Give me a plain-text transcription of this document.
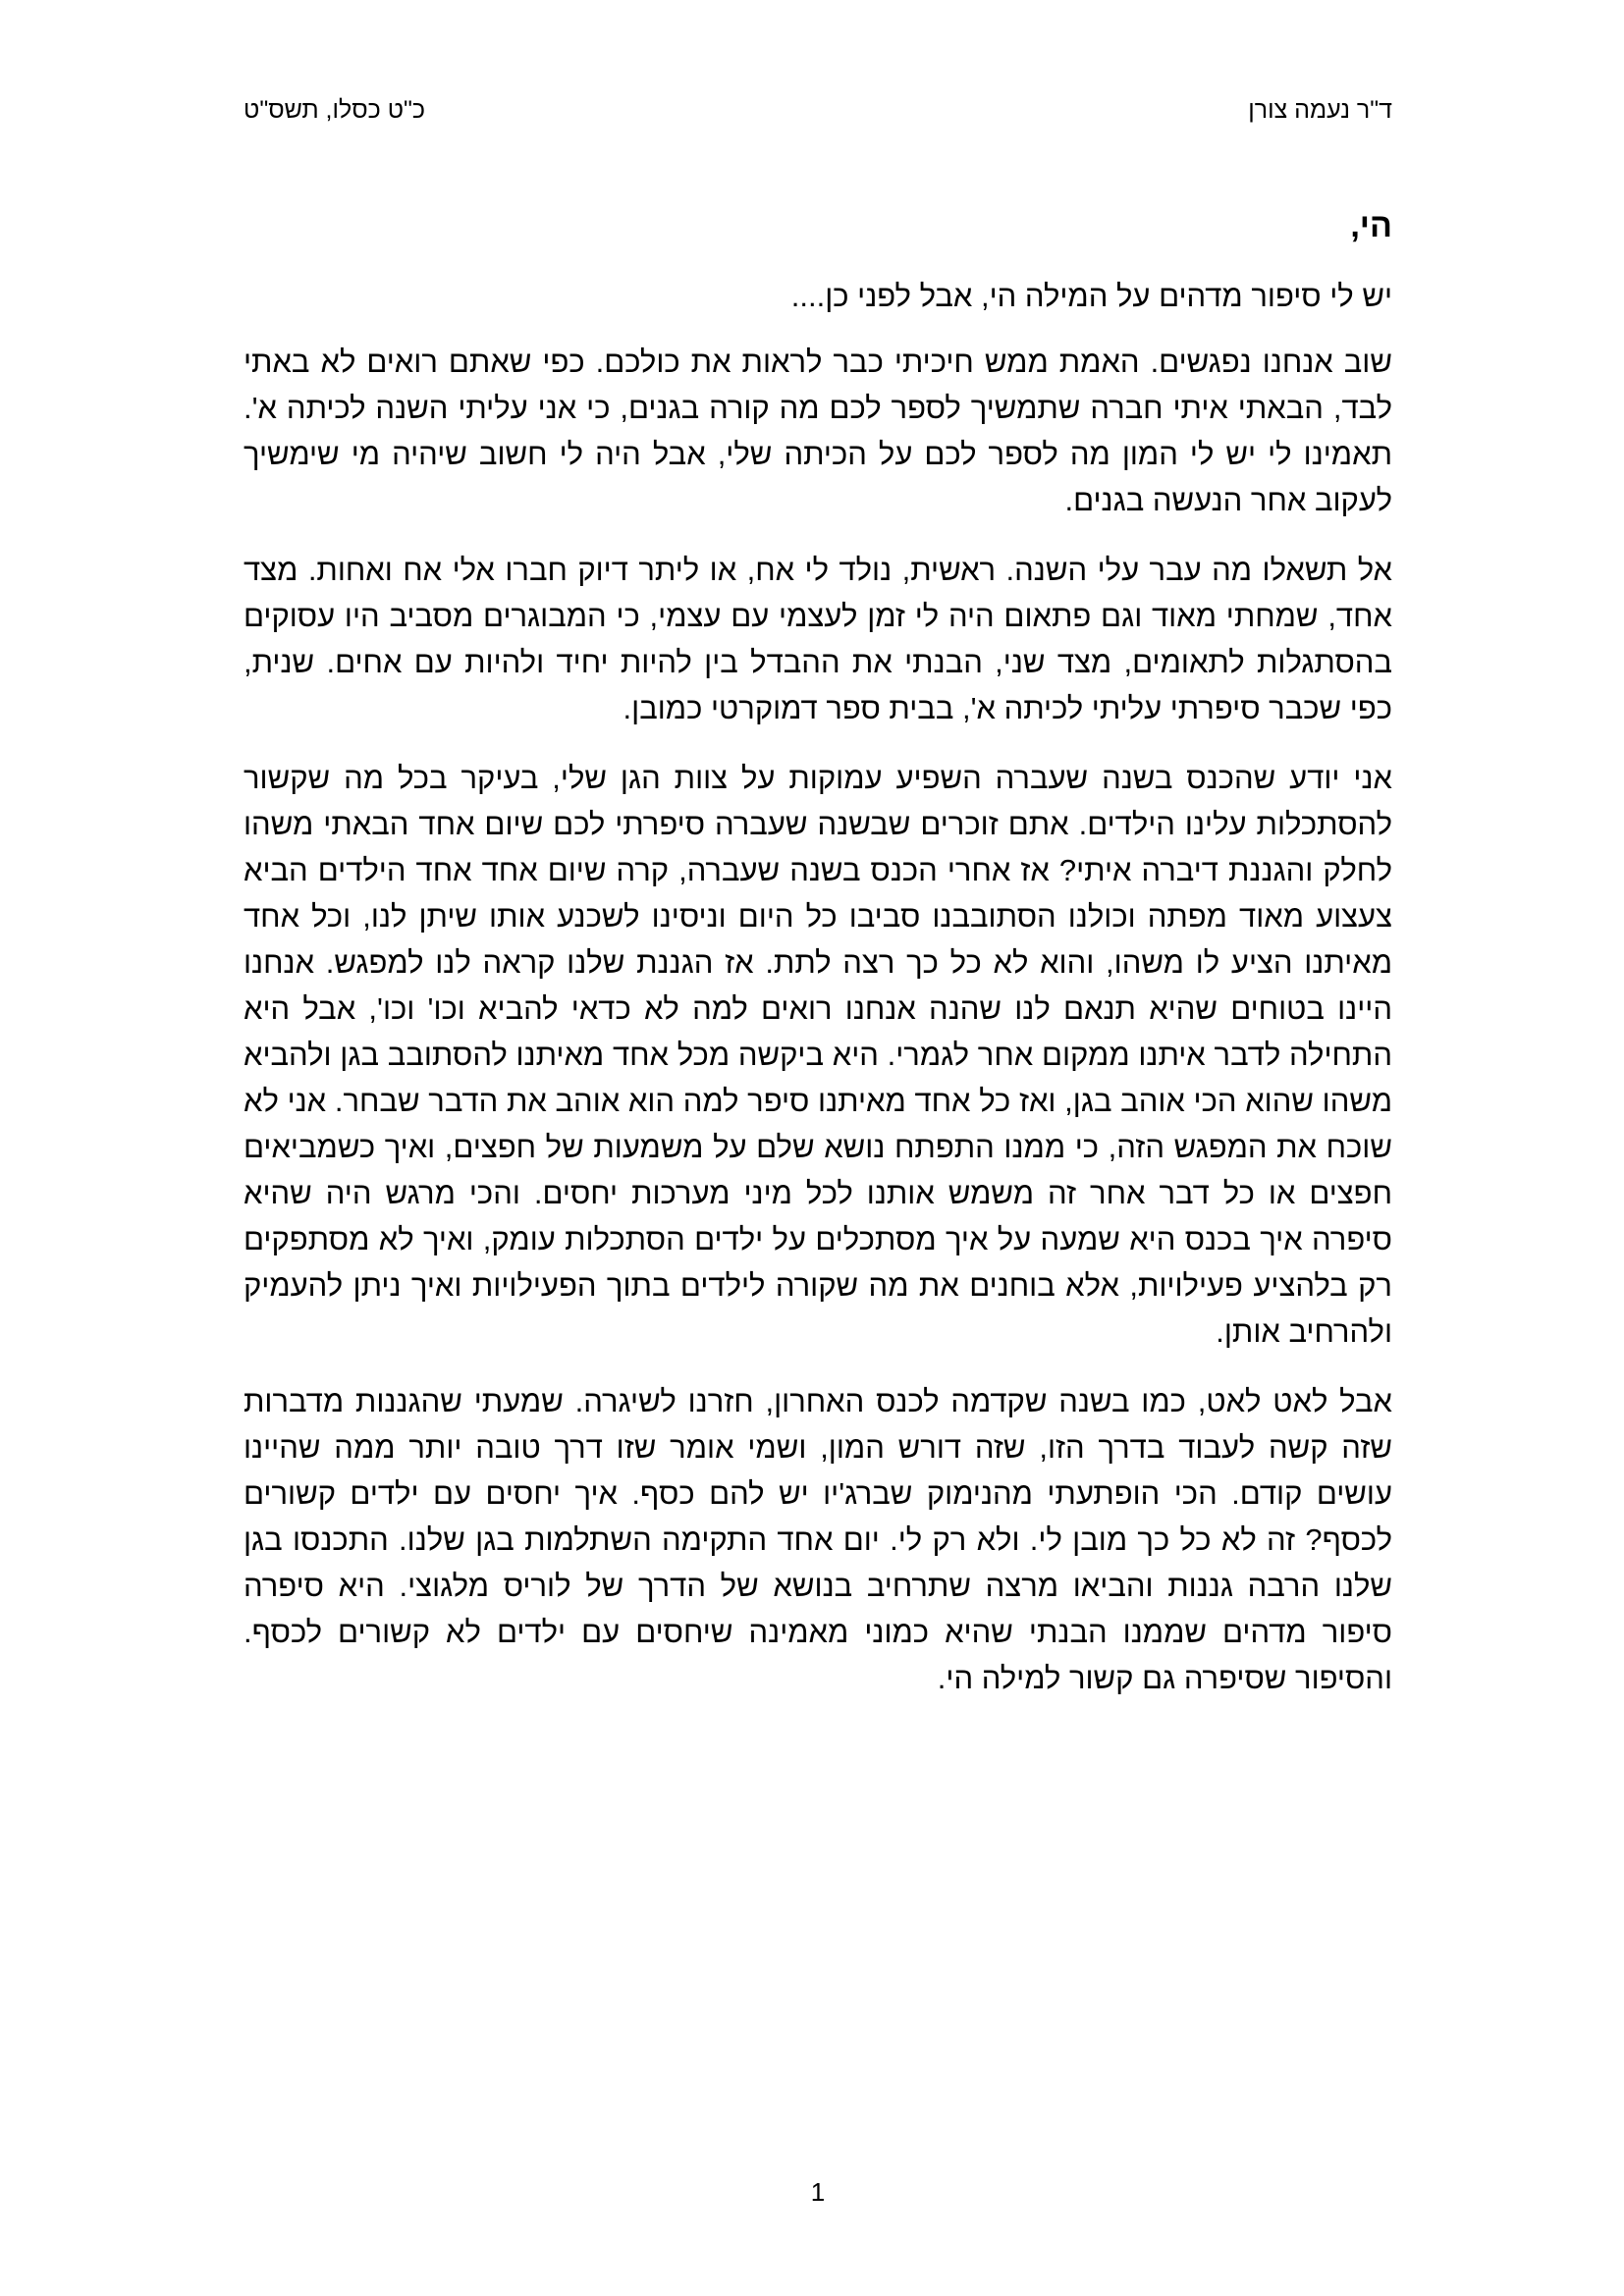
ד"ר נעמה צורן
כ"ט כסלו, תשס"ט
הי,

יש לי סיפור מדהים על המילה הי, אבל לפני כן....

שוב אנחנו נפגשים. האמת ממש חיכיתי כבר לראות את כולכם. כפי שאתם רואים לא באתי לבד, הבאתי איתי חברה שתמשיך לספר לכם מה קורה בגנים, כי אני עליתי השנה לכיתה א'. תאמינו לי יש לי המון מה לספר לכם על הכיתה שלי, אבל היה לי חשוב שיהיה מי שימשיך לעקוב אחר הנעשה בגנים.

אל תשאלו מה עבר עלי השנה. ראשית, נולד לי אח, או ליתר דיוק חברו אלי אח ואחות. מצד אחד, שמחתי מאוד וגם פתאום היה לי זמן לעצמי עם עצמי, כי המבוגרים מסביב היו עסוקים בהסתגלות לתאומים, מצד שני, הבנתי את ההבדל בין להיות יחיד ולהיות עם אחים. שנית, כפי שכבר סיפרתי עליתי לכיתה א', בבית ספר דמוקרטי כמובן.

אני יודע שהכנס בשנה שעברה השפיע עמוקות על צוות הגן שלי, בעיקר בכל מה שקשור להסתכלות עלינו הילדים. אתם זוכרים שבשנה שעברה סיפרתי לכם שיום אחד הבאתי משהו לחלק והגננת דיברה איתי? אז אחרי הכנס בשנה שעברה, קרה שיום אחד אחד הילדים הביא צעצוע מאוד מפתה וכולנו הסתובבנו סביבו כל היום וניסינו לשכנע אותו שיתן לנו, וכל אחד מאיתנו הציע לו משהו, והוא לא כל כך רצה לתת. אז הגננת שלנו קראה לנו למפגש. אנחנו היינו בטוחים שהיא תנאם לנו שהנה אנחנו רואים למה לא כדאי להביא וכו' וכו', אבל היא התחילה לדבר איתנו ממקום אחר לגמרי. היא ביקשה מכל אחד מאיתנו להסתובב בגן ולהביא משהו שהוא הכי אוהב בגן, ואז כל אחד מאיתנו סיפר למה הוא אוהב את הדבר שבחר. אני לא שוכח את המפגש הזה, כי ממנו התפתח נושא שלם על משמעות של חפצים, ואיך כשמביאים חפצים או כל דבר אחר זה משמש אותנו לכל מיני מערכות יחסים. והכי מרגש היה שהיא סיפרה איך בכנס היא שמעה על איך מסתכלים על ילדים הסתכלות עומק, ואיך לא מסתפקים רק בלהציע פעילויות, אלא בוחנים את מה שקורה לילדים בתוך הפעילויות ואיך ניתן להעמיק ולהרחיב אותן.

אבל לאט לאט, כמו בשנה שקדמה לכנס האחרון, חזרנו לשיגרה. שמעתי שהגננות מדברות שזה קשה לעבוד בדרך הזו, שזה דורש המון, ושמי אומר שזו דרך טובה יותר ממה שהיינו עושים קודם. הכי הופתעתי מהנימוק שברג'יו יש להם כסף. איך יחסים עם ילדים קשורים לכסף? זה לא כל כך מובן לי. ולא רק לי. יום אחד התקימה השתלמות בגן שלנו. התכנסו בגן שלנו הרבה גננות והביאו מרצה שתרחיב בנושא של הדרך של לוריס מלגוצי. היא סיפרה סיפור מדהים שממנו הבנתי שהיא כמוני מאמינה שיחסים עם ילדים לא קשורים לכסף. והסיפור שסיפרה גם קשור למילה הי.

1
